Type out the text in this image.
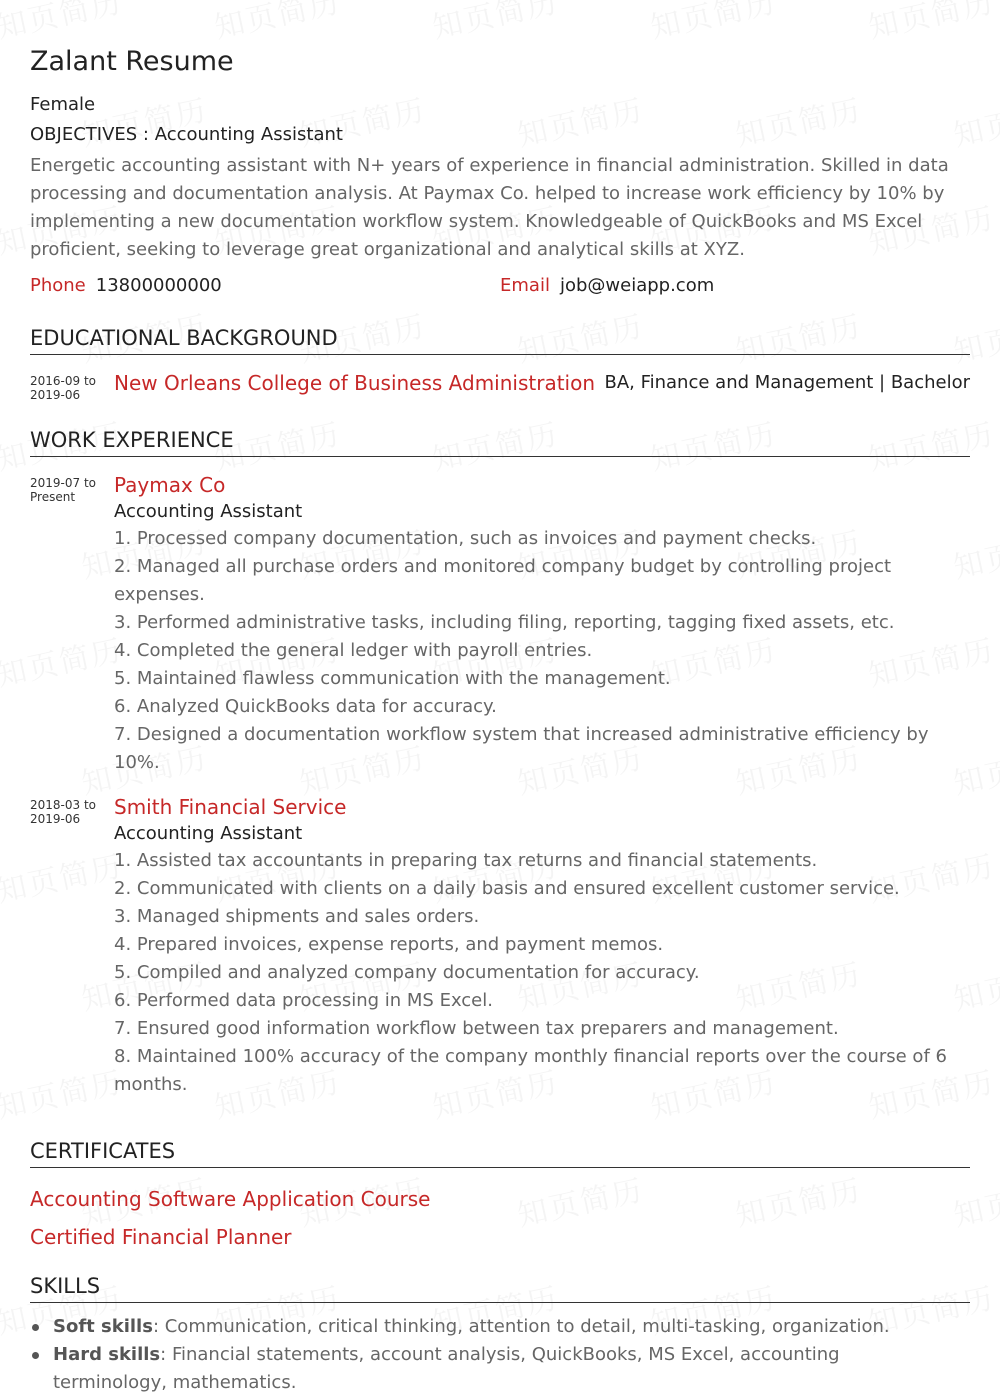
Zalant Resume
Female
OBJECTIVES : Accounting Assistant
Energetic accounting assistant with N+ years of experience in financial administration. Skilled in data processing and documentation analysis. At Paymax Co. helped to increase work efficiency by 10% by implementing a new documentation workflow system. Knowledgeable of QuickBooks and MS Excel proficient, seeking to leverage great organizational and analytical skills at XYZ.
Phone 13800000000	Email job@weiapp.com
EDUCATIONAL BACKGROUND
2016-09 to
2019-06	New Orleans College of Business Administration BA, Finance and Management | Bachelor
WORK EXPERIENCE
2019-07 to
Present	Paymax Co
Accounting Assistant
1. Processed company documentation, such as invoices and payment checks.
2. Managed all purchase orders and monitored company budget by controlling project expenses.
3. Performed administrative tasks, including filing, reporting, tagging fixed assets, etc.
4. Completed the general ledger with payroll entries.
5. Maintained flawless communication with the management.
6. Analyzed QuickBooks data for accuracy.
7. Designed a documentation workflow system that increased administrative efficiency by 10%.
2018-03 to
2019-06	Smith Financial Service
Accounting Assistant
1. Assisted tax accountants in preparing tax returns and financial statements.
2. Communicated with clients on a daily basis and ensured excellent customer service.
3. Managed shipments and sales orders.
4. Prepared invoices, expense reports, and payment memos.
5. Compiled and analyzed company documentation for accuracy.
6. Performed data processing in MS Excel.
7. Ensured good information workflow between tax preparers and management.
8. Maintained 100% accuracy of the company monthly financial reports over the course of 6 months.
CERTIFICATES
Accounting Software Application Course
Certified Financial Planner
SKILLS
Soft skills: Communication, critical thinking, attention to detail, multi-tasking, organization.
Hard skills: Financial statements, account analysis, QuickBooks, MS Excel, accounting terminology, mathematics.
